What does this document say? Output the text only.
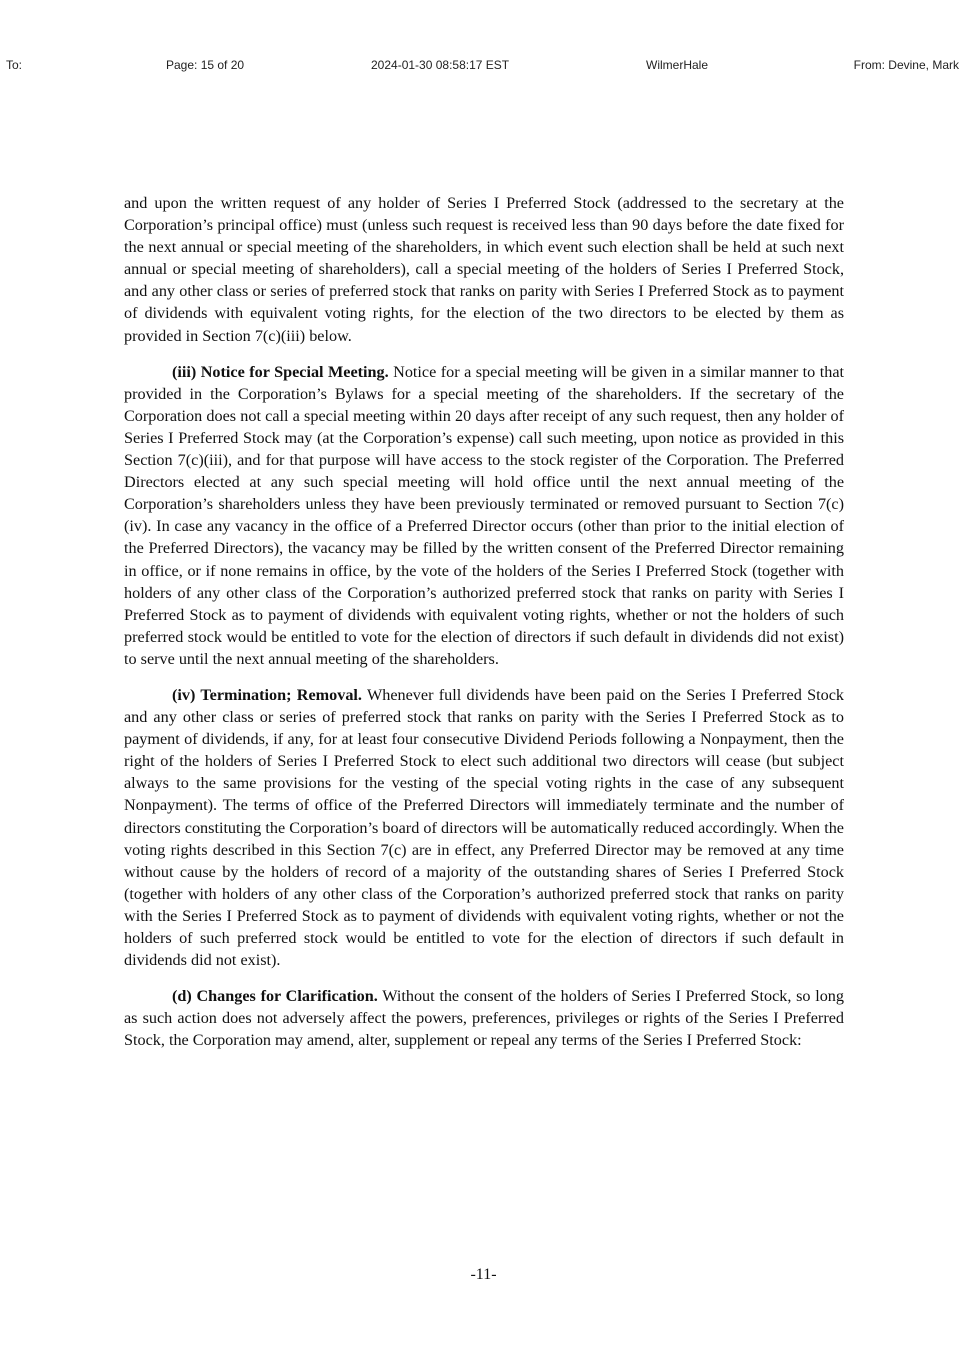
To:	Page: 15 of 20	2024-01-30 08:58:17 EST	WilmerHale	From: Devine, Mark

and upon the written request of any holder of Series I Preferred Stock (addressed to the secretary at the Corporation’s principal office) must (unless such request is received less than 90 days before the date fixed for the next annual or special meeting of the shareholders, in which event such election shall be held at such next annual or special meeting of shareholders), call a special meeting of the holders of Series I Preferred Stock, and any other class or series of preferred stock that ranks on parity with Series I Preferred Stock as to payment of dividends with equivalent voting rights, for the election of the two directors to be elected by them as provided in Section 7(c)(iii) below.

(iii) Notice for Special Meeting. Notice for a special meeting will be given in a similar manner to that provided in the Corporation’s Bylaws for a special meeting of the shareholders. If the secretary of the Corporation does not call a special meeting within 20 days after receipt of any such request, then any holder of Series I Preferred Stock may (at the Corporation’s expense) call such meeting, upon notice as provided in this Section 7(c)(iii), and for that purpose will have access to the stock register of the Corporation. The Preferred Directors elected at any such special meeting will hold office until the next annual meeting of the Corporation’s shareholders unless they have been previously terminated or removed pursuant to Section 7(c)(iv). In case any vacancy in the office of a Preferred Director occurs (other than prior to the initial election of the Preferred Directors), the vacancy may be filled by the written consent of the Preferred Director remaining in office, or if none remains in office, by the vote of the holders of the Series I Preferred Stock (together with holders of any other class of the Corporation’s authorized preferred stock that ranks on parity with Series I Preferred Stock as to payment of dividends with equivalent voting rights, whether or not the holders of such preferred stock would be entitled to vote for the election of directors if such default in dividends did not exist) to serve until the next annual meeting of the shareholders.

(iv) Termination; Removal. Whenever full dividends have been paid on the Series I Preferred Stock and any other class or series of preferred stock that ranks on parity with the Series I Preferred Stock as to payment of dividends, if any, for at least four consecutive Dividend Periods following a Nonpayment, then the right of the holders of Series I Preferred Stock to elect such additional two directors will cease (but subject always to the same provisions for the vesting of the special voting rights in the case of any subsequent Nonpayment). The terms of office of the Preferred Directors will immediately terminate and the number of directors constituting the Corporation’s board of directors will be automatically reduced accordingly. When the voting rights described in this Section 7(c) are in effect, any Preferred Director may be removed at any time without cause by the holders of record of a majority of the outstanding shares of Series I Preferred Stock (together with holders of any other class of the Corporation’s authorized preferred stock that ranks on parity with the Series I Preferred Stock as to payment of dividends with equivalent voting rights, whether or not the holders of such preferred stock would be entitled to vote for the election of directors if such default in dividends did not exist).

(d) Changes for Clarification. Without the consent of the holders of Series I Preferred Stock, so long as such action does not adversely affect the powers, preferences, privileges or rights of the Series I Preferred Stock, the Corporation may amend, alter, supplement or repeal any terms of the Series I Preferred Stock:

-11-
